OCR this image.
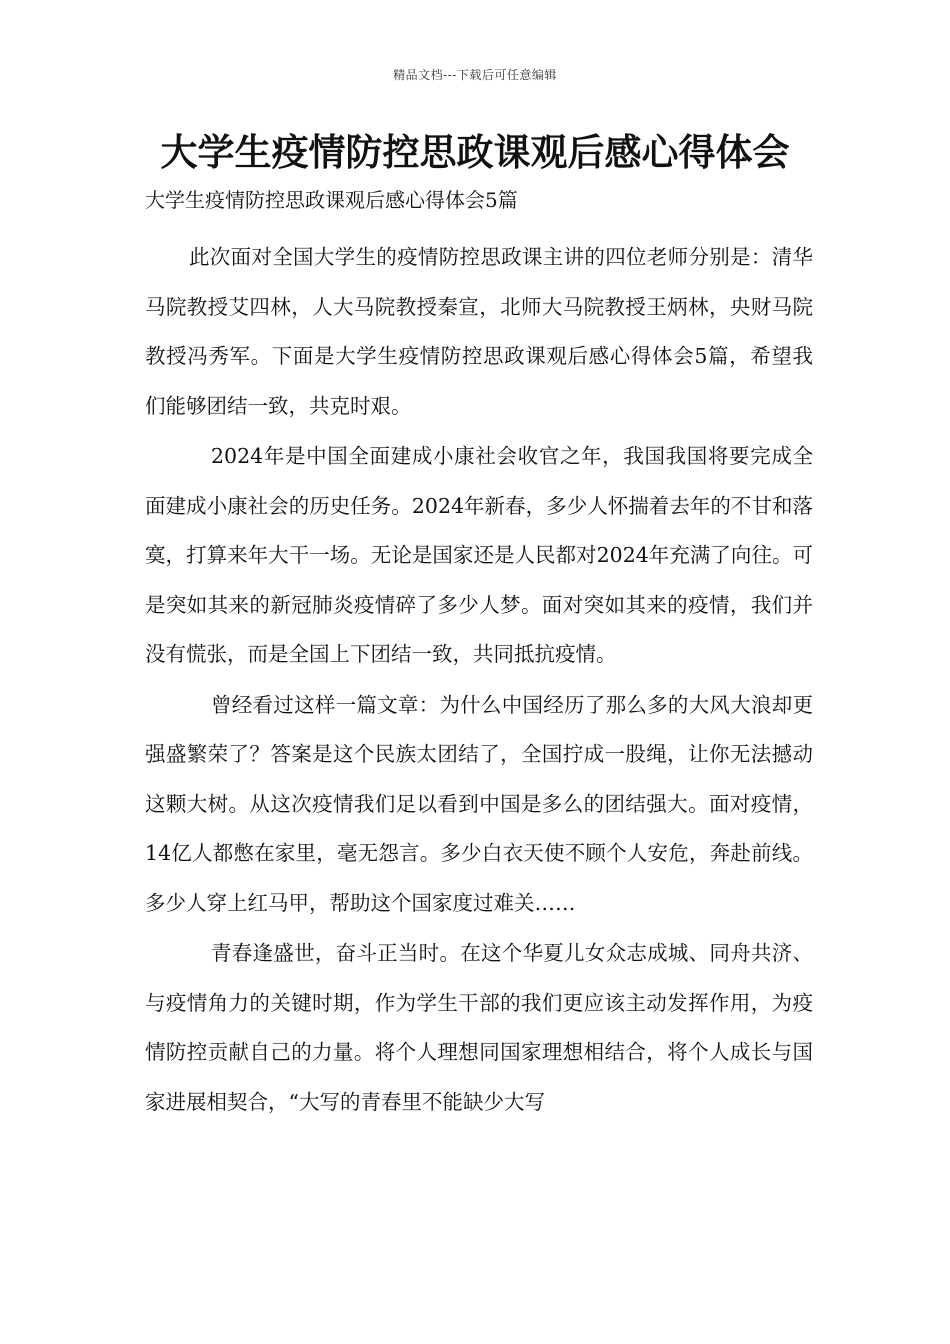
精品文档---下载后可任意编辑
大学生疫情防控思政课观后感心得体会

大学生疫情防控思政课观后感心得体会5篇

此次面对全国大学生的疫情防控思政课主讲的四位老师分别是：清华马院教授艾四林，人大马院教授秦宣，北师大马院教授王炳林，央财马院教授冯秀军。下面是大学生疫情防控思政课观后感心得体会5篇，希望我们能够团结一致，共克时艰。

2024年是中国全面建成小康社会收官之年，我国我国将要完成全面建成小康社会的历史任务。2024年新春，多少人怀揣着去年的不甘和落寞，打算来年大干一场。无论是国家还是人民都对2024年充满了向往。可是突如其来的新冠肺炎疫情碎了多少人梦。面对突如其来的疫情，我们并没有慌张，而是全国上下团结一致，共同抵抗疫情。

曾经看过这样一篇文章：为什么中国经历了那么多的大风大浪却更强盛繁荣了？答案是这个民族太团结了，全国拧成一股绳，让你无法撼动这颗大树。从这次疫情我们足以看到中国是多么的团结强大。面对疫情，14亿人都憋在家里，毫无怨言。多少白衣天使不顾个人安危，奔赴前线。多少人穿上红马甲，帮助这个国家度过难关……

青春逢盛世，奋斗正当时。在这个华夏儿女众志成城、同舟共济、与疫情角力的关键时期，作为学生干部的我们更应该主动发挥作用，为疫情防控贡献自己的力量。将个人理想同国家理想相结合，将个人成长与国家进展相契合，“大写的青春里不能缺少大写
